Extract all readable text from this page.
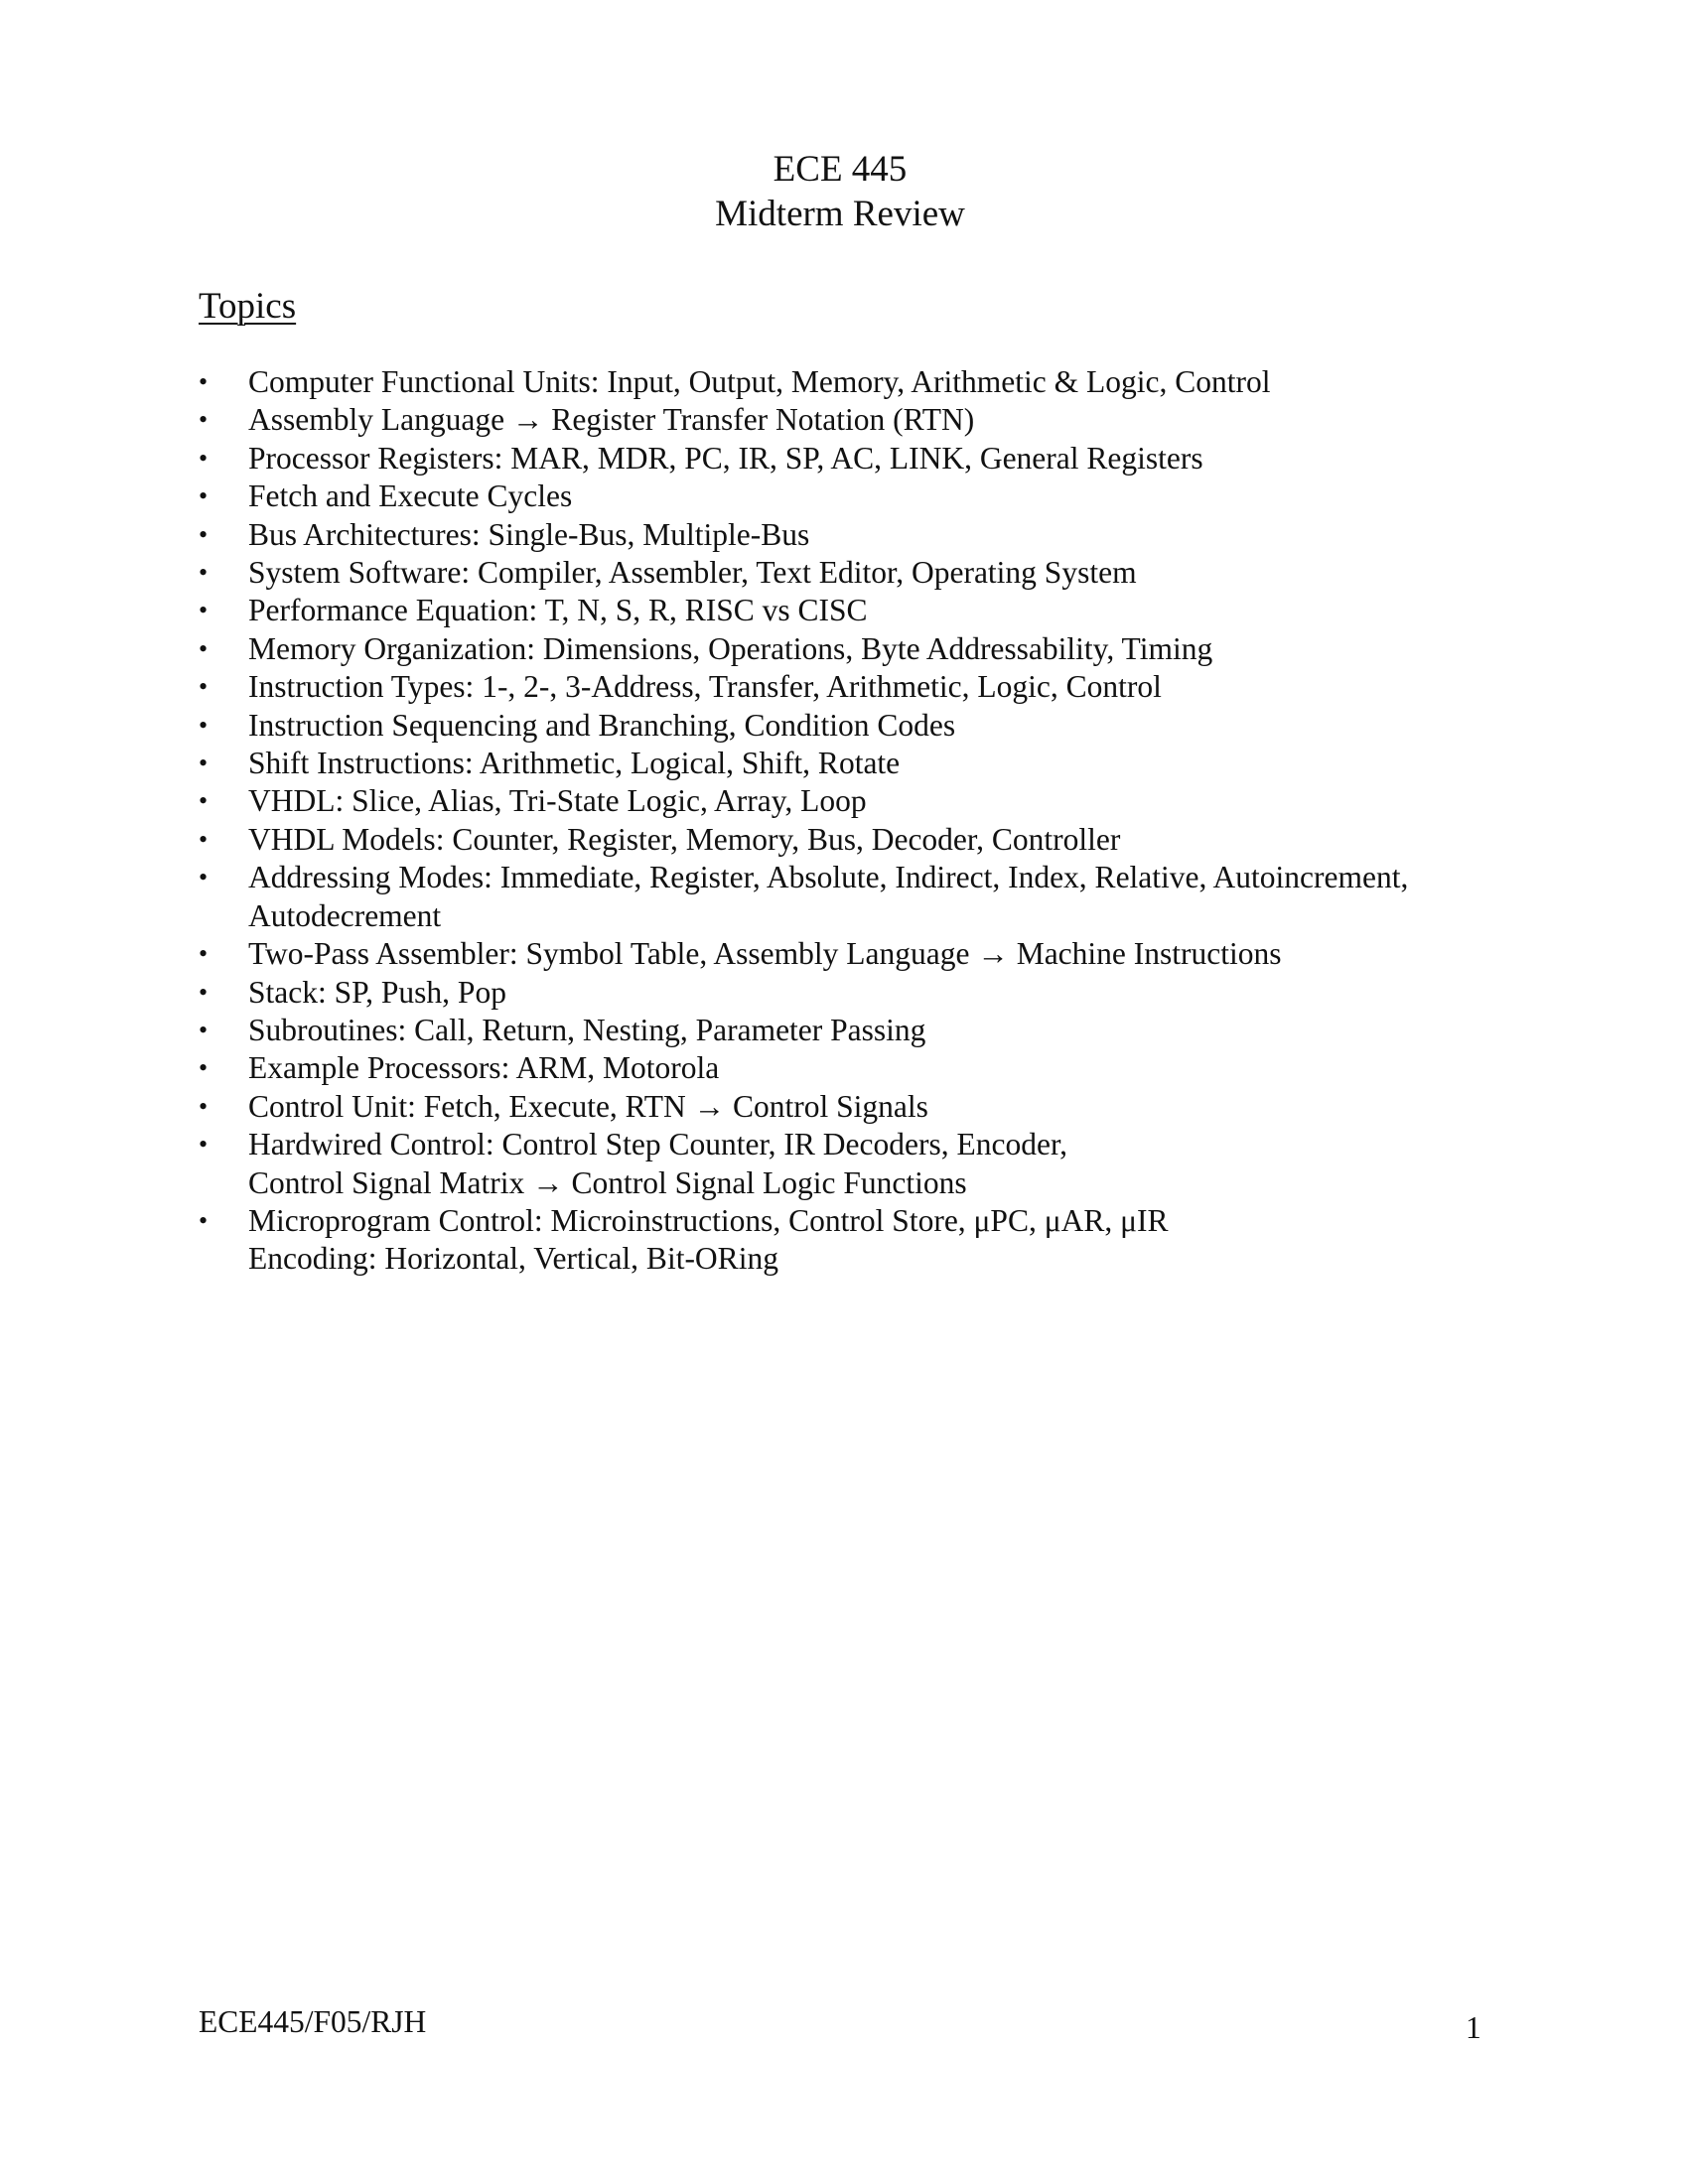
ECE 445
Midterm Review
Topics
• Computer Functional Units: Input, Output, Memory, Arithmetic & Logic, Control
• Assembly Language → Register Transfer Notation (RTN)
• Processor Registers: MAR, MDR, PC, IR, SP, AC, LINK, General Registers
• Fetch and Execute Cycles
• Bus Architectures: Single-Bus, Multiple-Bus
• System Software: Compiler, Assembler, Text Editor, Operating System
• Performance Equation: T, N, S, R, RISC vs CISC
• Memory Organization: Dimensions, Operations, Byte Addressability, Timing
• Instruction Types: 1-, 2-, 3-Address, Transfer, Arithmetic, Logic, Control
• Instruction Sequencing and Branching, Condition Codes
• Shift Instructions: Arithmetic, Logical, Shift, Rotate
• VHDL: Slice, Alias, Tri-State Logic, Array, Loop
• VHDL Models: Counter, Register, Memory, Bus, Decoder, Controller
• Addressing Modes: Immediate, Register, Absolute, Indirect, Index, Relative, Autoincrement,
Autodecrement
• Two-Pass Assembler: Symbol Table, Assembly Language → Machine Instructions
• Stack: SP, Push, Pop
• Subroutines: Call, Return, Nesting, Parameter Passing
• Example Processors: ARM, Motorola
• Control Unit: Fetch, Execute, RTN → Control Signals
• Hardwired Control: Control Step Counter, IR Decoders, Encoder,
Control Signal Matrix → Control Signal Logic Functions
• Microprogram Control: Microinstructions, Control Store, μPC, μAR, μIR
Encoding: Horizontal, Vertical, Bit-ORing
ECE445/F05/RJH	1
